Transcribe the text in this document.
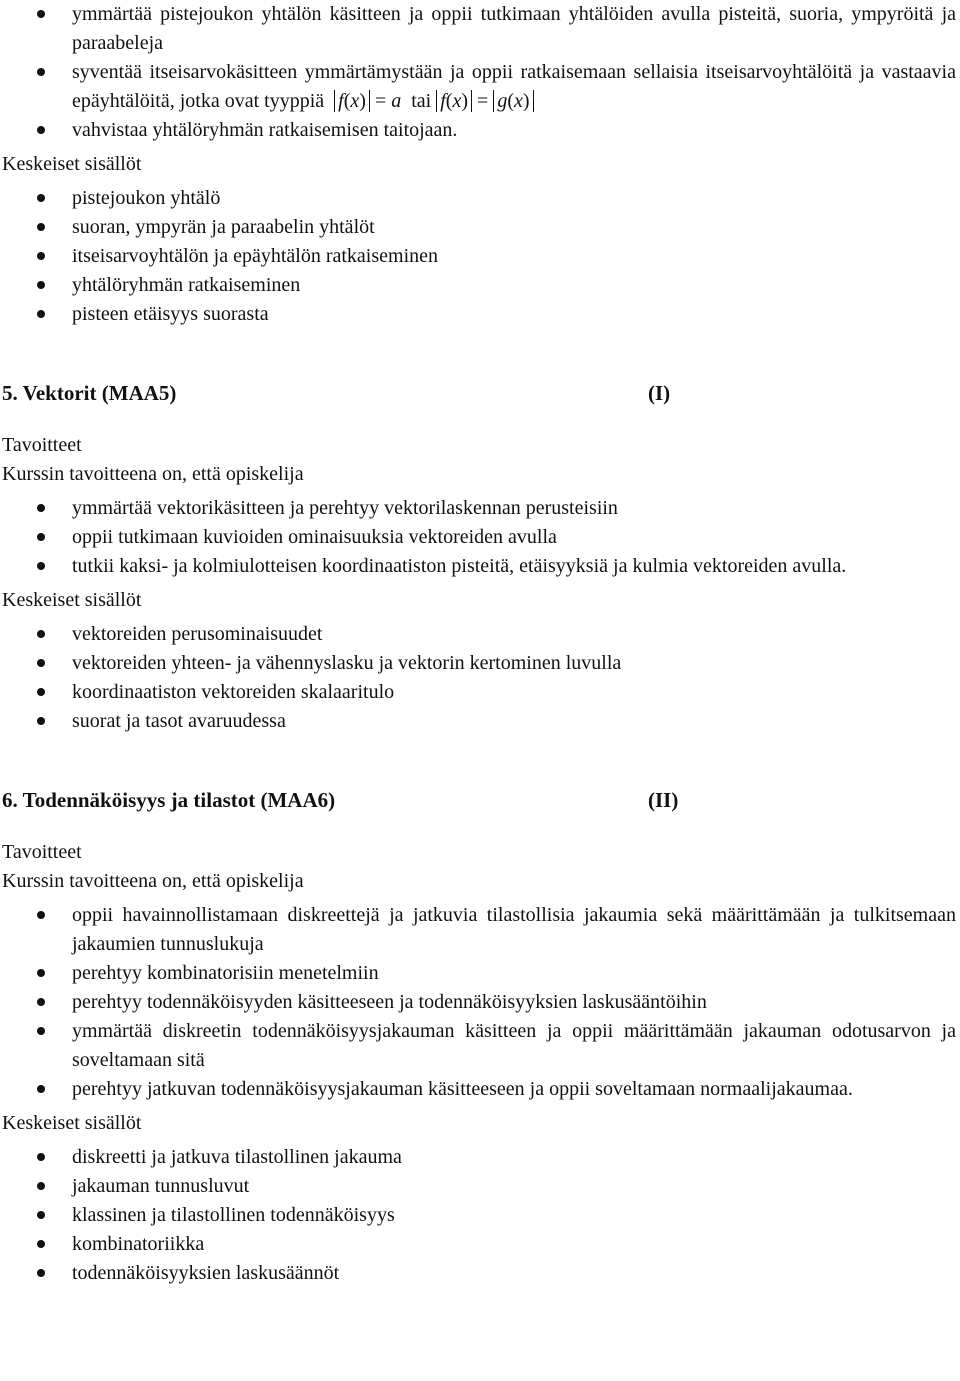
ymmärtää pistejoukon yhtälön käsitteen ja oppii tutkimaan yhtälöiden avulla pisteitä, suoria, ympyröitä ja paraabeleja
syventää itseisarvokäsitteen ymmärtämystään ja oppii ratkaisemaan sellaisia itseisarvoyhtälöitä ja vastaavia epäyhtälöitä, jotka ovat tyyppiä f(x) = a tai f(x) = g(x)
vahvistaa yhtälöryhmän ratkaisemisen taitojaan.
Keskeiset sisällöt
pistejoukon yhtälö
suoran, ympyrän ja paraabelin yhtälöt
itseisarvoyhtälön ja epäyhtälön ratkaiseminen
yhtälöryhmän ratkaiseminen
pisteen etäisyys suorasta
5. Vektorit (MAA5)	(I)
Tavoitteet
Kurssin tavoitteena on, että opiskelija
ymmärtää vektorikäsitteen ja perehtyy vektorilaskennan perusteisiin
oppii tutkimaan kuvioiden ominaisuuksia vektoreiden avulla
tutkii kaksi- ja kolmiulotteisen koordinaatiston pisteitä, etäisyyksiä ja kulmia vektoreiden avulla.
Keskeiset sisällöt
vektoreiden perusominaisuudet
vektoreiden yhteen- ja vähennyslasku ja vektorin kertominen luvulla
koordinaatiston vektoreiden skalaaritulo
suorat ja tasot avaruudessa
6. Todennäköisyys ja tilastot (MAA6)	(II)
Tavoitteet
Kurssin tavoitteena on, että opiskelija
oppii havainnollistamaan diskreettejä ja jatkuvia tilastollisia jakaumia sekä määrittämään ja tulkitsemaan jakaumien tunnuslukuja
perehtyy kombinatorisiin menetelmiin
perehtyy todennäköisyyden käsitteeseen ja todennäköisyyksien laskusääntöihin
ymmärtää diskreetin todennäköisyysjakauman käsitteen ja oppii määrittämään jakauman odotusarvon ja soveltamaan sitä
perehtyy jatkuvan todennäköisyysjakauman käsitteeseen ja oppii soveltamaan normaalijakaumaa.
Keskeiset sisällöt
diskreetti ja jatkuva tilastollinen jakauma
jakauman tunnusluvut
klassinen ja tilastollinen todennäköisyys
kombinatoriikka
todennäköisyyksien laskusäännöt
